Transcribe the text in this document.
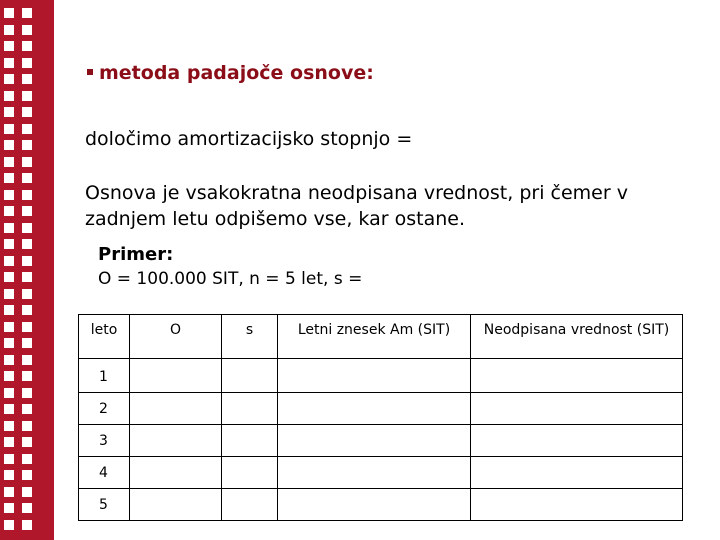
metoda padajoče osnove:
določimo amortizacijsko stopnjo =
Osnova je vsakokratna neodpisana vrednost, pri čemer v zadnjem letu odpišemo vse, kar ostane.
Primer:
O = 100.000 SIT, n = 5 let, s =
leto	O	s	Letni znesek Am (SIT)	Neodpisana vrednost (SIT)
1				
2				
3				
4				
5				
